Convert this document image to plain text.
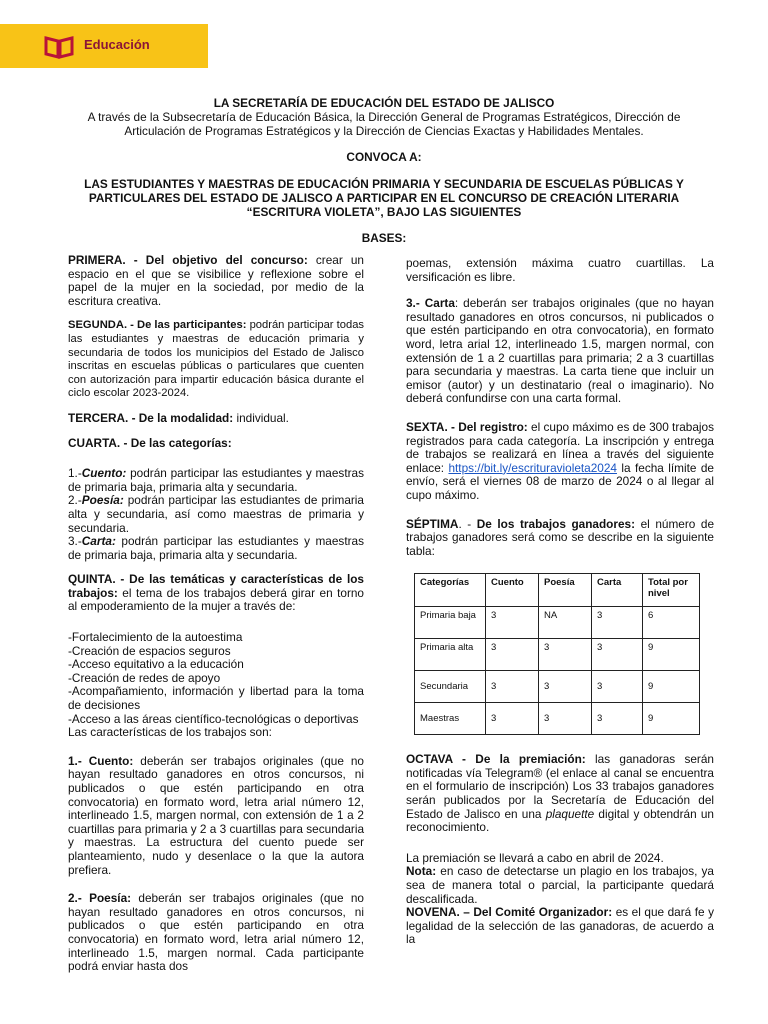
Educación
LA SECRETARÍA DE EDUCACIÓN DEL ESTADO DE JALISCO
A través de la Subsecretaría de Educación Básica, la Dirección General de Programas Estratégicos, Dirección de Articulación de Programas Estratégicos y la Dirección de Ciencias Exactas y Habilidades Mentales.
CONVOCA A:
LAS ESTUDIANTES Y MAESTRAS DE EDUCACIÓN PRIMARIA Y SECUNDARIA DE ESCUELAS PÚBLICAS Y PARTICULARES DEL ESTADO DE JALISCO A PARTICIPAR EN EL CONCURSO DE CREACIÓN LITERARIA “ESCRITURA VIOLETA”, BAJO LAS SIGUIENTES
BASES:

PRIMERA. - Del objetivo del concurso: crear un espacio en el que se visibilice y reflexione sobre el papel de la mujer en la sociedad, por medio de la escritura creativa.

SEGUNDA. - De las participantes: podrán participar todas las estudiantes y maestras de educación primaria y secundaria de todos los municipios del Estado de Jalisco inscritas en escuelas públicas o particulares que cuenten con autorización para impartir educación básica durante el ciclo escolar 2023-2024.

TERCERA. - De la modalidad: individual.

CUARTA. - De las categorías:

1.-Cuento: podrán participar las estudiantes y maestras de primaria baja, primaria alta y secundaria.

2.-Poesía: podrán participar las estudiantes de primaria alta y secundaria, así como maestras de primaria y secundaria.

3.-Carta: podrán participar las estudiantes y maestras de primaria baja, primaria alta y secundaria.

QUINTA. - De las temáticas y características de los trabajos: el tema de los trabajos deberá girar en torno al empoderamiento de la mujer a través de:

-Fortalecimiento de la autoestima

-Creación de espacios seguros

-Acceso equitativo a la educación

-Creación de redes de apoyo

-Acompañamiento, información y libertad para la toma de decisiones

-Acceso a las áreas científico-tecnológicas o deportivas

Las características de los trabajos son:

1.- Cuento: deberán ser trabajos originales (que no hayan resultado ganadores en otros concursos, ni publicados o que estén participando en otra convocatoria) en formato word, letra arial número 12, interlineado 1.5, margen normal, con extensión de 1 a 2 cuartillas para primaria y 2 a 3 cuartillas para secundaria y maestras. La estructura del cuento puede ser planteamiento, nudo y desenlace o la que la autora prefiera.

2.- Poesía: deberán ser trabajos originales (que no hayan resultado ganadores en otros concursos, ni publicados o que estén participando en otra convocatoria) en formato word, letra arial número 12, interlineado 1.5, margen normal. Cada participante podrá enviar hasta dos

poemas, extensión máxima cuatro cuartillas. La versificación es libre.

3.- Carta: deberán ser trabajos originales (que no hayan resultado ganadores en otros concursos, ni publicados o que estén participando en otra convocatoria), en formato word, letra arial 12, interlineado 1.5, margen normal, con extensión de 1 a 2 cuartillas para primaria; 2 a 3 cuartillas para secundaria y maestras. La carta tiene que incluir un emisor (autor) y un destinatario (real o imaginario). No deberá confundirse con una carta formal.

SEXTA. - Del registro: el cupo máximo es de 300 trabajos registrados para cada categoría. La inscripción y entrega de trabajos se realizará en línea a través del siguiente enlace: https://bit.ly/escrituravioleta2024 la fecha límite de envío, será el viernes 08 de marzo de 2024 o al llegar al cupo máximo.

SÉPTIMA. - De los trabajos ganadores: el número de trabajos ganadores será como se describe en la siguiente tabla:

Categorías	Cuento	Poesía	Carta	Total por nivel
Primaria baja	3	NA	3	6
Primaria alta	3	3	3	9
Secundaria	3	3	3	9
Maestras	3	3	3	9

OCTAVA - De la premiación: las ganadoras serán notificadas vía Telegram® (el enlace al canal se encuentra en el formulario de inscripción) Los 33 trabajos ganadores serán publicados por la Secretaría de Educación del Estado de Jalisco en una plaquette digital y obtendrán un reconocimiento.

La premiación se llevará a cabo en abril de 2024.

Nota: en caso de detectarse un plagio en los trabajos, ya sea de manera total o parcial, la participante quedará descalificada.

NOVENA. – Del Comité Organizador: es el que dará fe y legalidad de la selección de las ganadoras, de acuerdo a la
